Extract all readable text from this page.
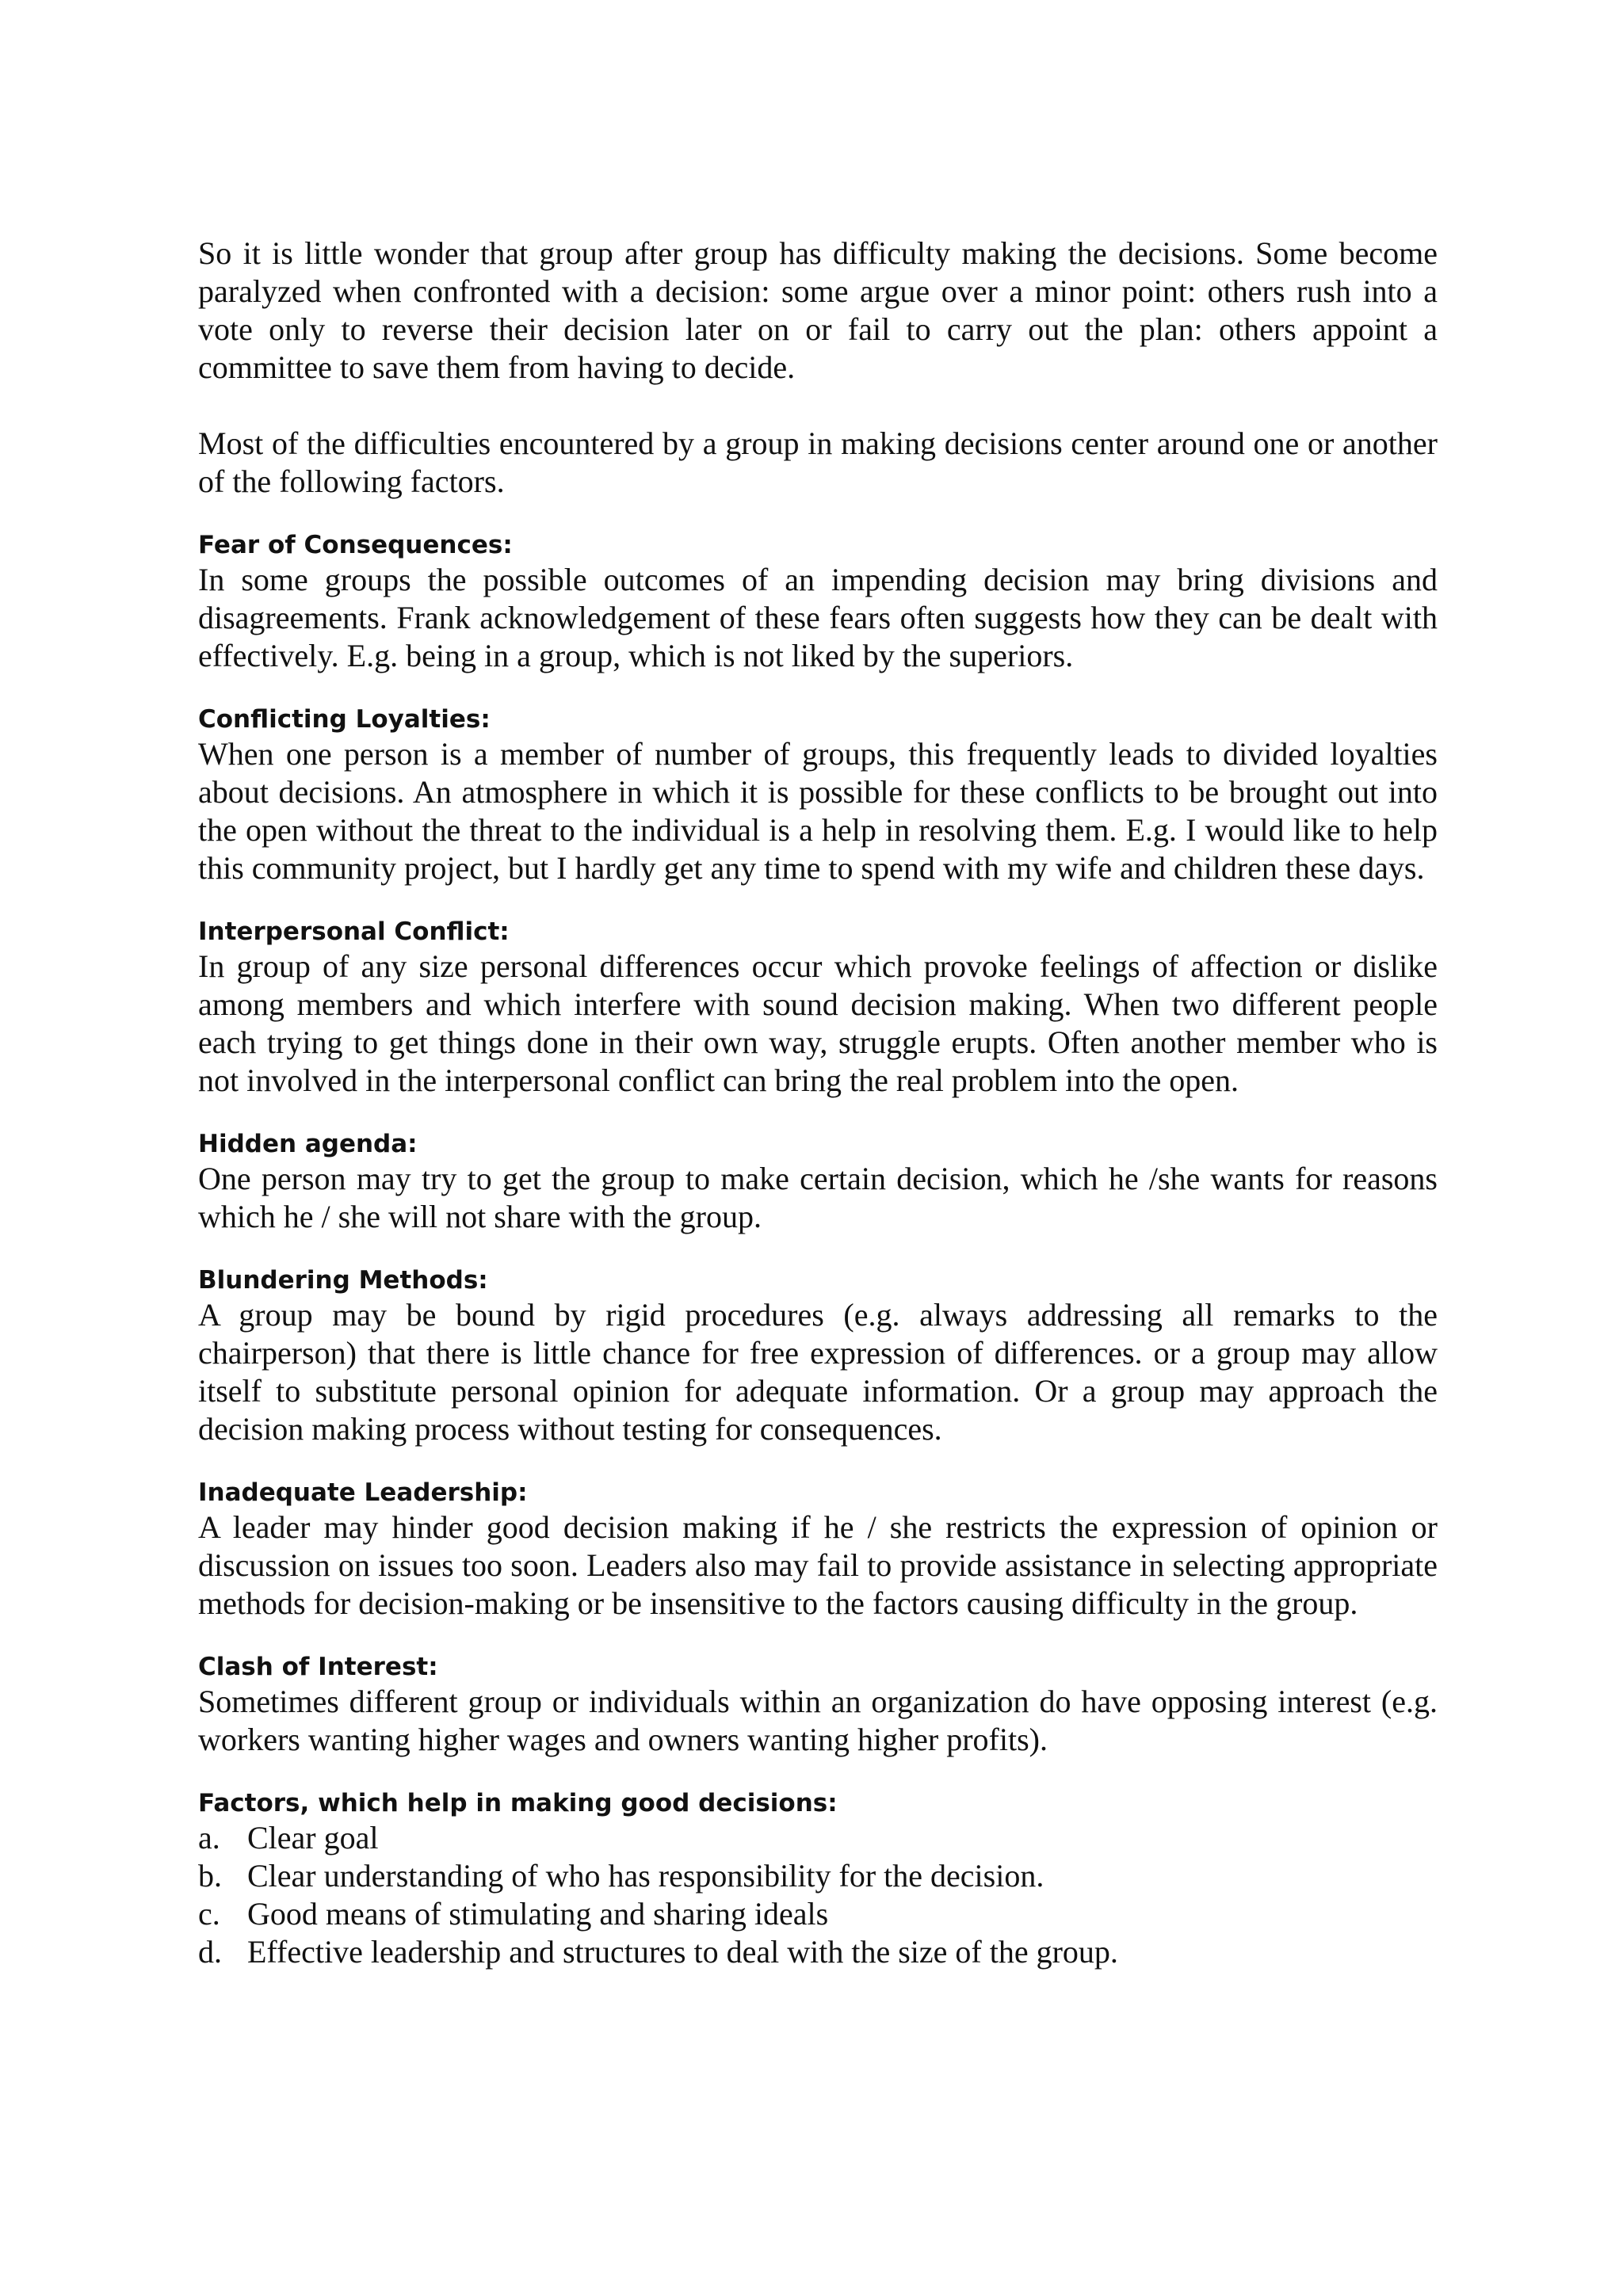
So it is little wonder that group after group has difficulty making the decisions. Some become paralyzed when confronted with a decision: some argue over a minor point: others rush into a vote only to reverse their decision later on or fail to carry out the plan: others appoint a committee to save them from having to decide.

Most of the difficulties encountered by a group in making decisions center around one or another of the following factors.

Fear of Consequences:

In some groups the possible outcomes of an impending decision may bring divisions and disagreements. Frank acknowledgement of these fears often suggests how they can be dealt with effectively. E.g. being in a group, which is not liked by the superiors.

Conflicting Loyalties:

When one person is a member of number of groups, this frequently leads to divided loyalties about decisions. An atmosphere in which it is possible for these conflicts to be brought out into the open without the threat to the individual is a help in resolving them. E.g. I would like to help this community project, but I hardly get any time to spend with my wife and children these days.

Interpersonal Conflict:

In group of any size personal differences occur which provoke feelings of affection or dislike among members and which interfere with sound decision making. When two different people each trying to get things done in their own way, struggle erupts. Often another member who is not involved in the interpersonal conflict can bring the real problem into the open.

Hidden agenda:

One person may try to get the group to make certain decision, which he /she wants for reasons which he / she will not share with the group.

Blundering Methods:

A group may be bound by rigid procedures (e.g. always addressing all remarks to the chairperson) that there is little chance for free expression of differences. or a group may allow itself to substitute personal opinion for adequate information. Or a group may approach the decision making process without testing for consequences.

Inadequate Leadership:

A leader may hinder good decision making if he / she restricts the expression of opinion or discussion on issues too soon. Leaders also may fail to provide assistance in selecting appropriate methods for decision-making or be insensitive to the factors causing difficulty in the group.

Clash of Interest:

Sometimes different group or individuals within an organization do have opposing interest (e.g. workers wanting higher wages and owners wanting higher profits).

Factors, which help in making good decisions:

a. Clear goal
b. Clear understanding of who has responsibility for the decision.
c. Good means of stimulating and sharing ideals
d. Effective leadership and structures to deal with the size of the group.
